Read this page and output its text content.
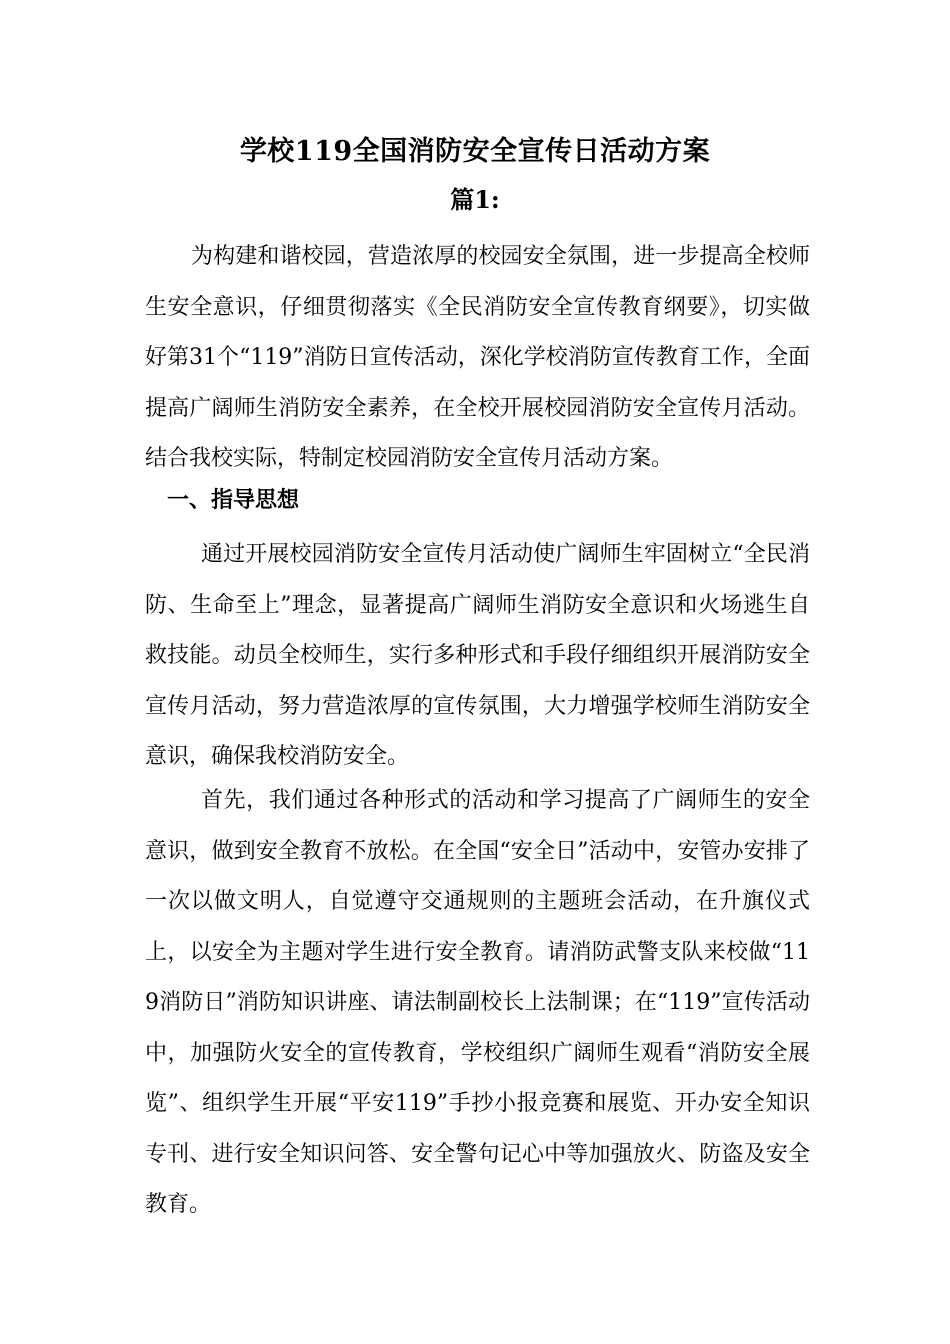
学校119全国消防安全宣传日活动方案
篇1:

为构建和谐校园，营造浓厚的校园安全氛围，进一步提高全校师生安全意识，仔细贯彻落实《全民消防安全宣传教育纲要》，切实做好第31个“119”消防日宣传活动，深化学校消防宣传教育工作，全面提高广阔师生消防安全素养，在全校开展校园消防安全宣传月活动。结合我校实际，特制定校园消防安全宣传月活动方案。

一、指导思想

通过开展校园消防安全宣传月活动使广阔师生牢固树立“全民消防、生命至上”理念，显著提高广阔师生消防安全意识和火场逃生自救技能。动员全校师生，实行多种形式和手段仔细组织开展消防安全宣传月活动，努力营造浓厚的宣传氛围，大力增强学校师生消防安全意识，确保我校消防安全。

首先，我们通过各种形式的活动和学习提高了广阔师生的安全意识，做到安全教育不放松。在全国“安全日”活动中，安管办安排了一次以做文明人，自觉遵守交通规则的主题班会活动，在升旗仪式上，以安全为主题对学生进行安全教育。请消防武警支队来校做“119消防日”消防知识讲座、请法制副校长上法制课；在“119”宣传活动中，加强防火安全的宣传教育，学校组织广阔师生观看“消防安全展览”、组织学生开展“平安119”手抄小报竞赛和展览、开办安全知识专刊、进行安全知识问答、安全警句记心中等加强放火、防盗及安全教育。
